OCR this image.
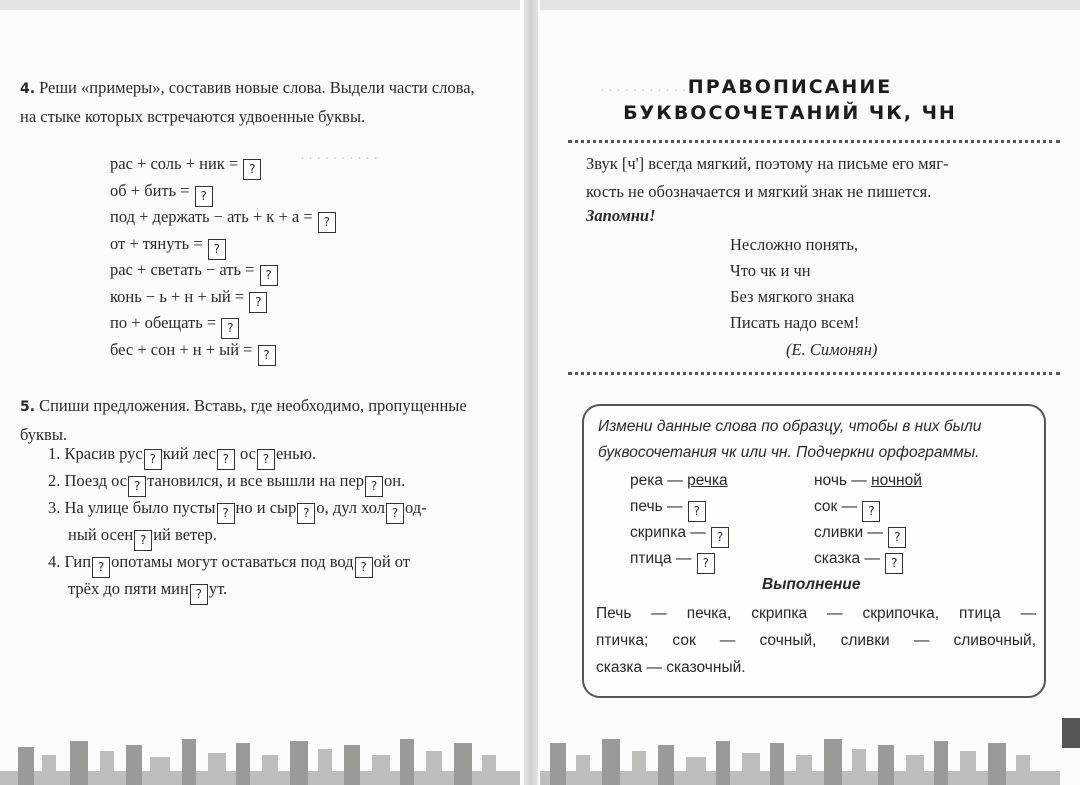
· · · · · · · · · ·
· · · · · · · · · · · · · ·
4. Реши «примеры», составив новые слова. Выдели части слова, на стыке которых встречаются удвоенные буквы.
рас + соль + ник = ?
об + бить = ?
под + держать − ать + к + а = ?
от + тянуть = ?
рас + светать − ать = ?
конь − ь + н + ый = ?
по + обещать = ?
бес + сон + н + ый = ?
5. Спиши предложения. Вставь, где необходимо, пропущенные буквы.
1. Красив рус ? кий лес ? ос ? енью.
2. Поезд ос ? тановился, и все вышли на пер ? он.
3. На улице было пусты ? но и сыр ? о, дул хол ? од-
ный осен ? ий ветер.
4. Гип ? опотамы могут оставаться под вод ? ой от
трёх до пяти мин ? ут.
ПРАВОПИСАНИЕ
БУКВОСОЧЕТАНИЙ ЧК, ЧН
Звук [ч'] всегда мягкий, поэтому на письме его мяг-
кость не обозначается и мягкий знак не пишется.
Запомни!
Несложно понять,
Что чк и чн
Без мягкого знака
Писать надо всем!
(Е. Симонян)
Измени данные слова по образцу, чтобы в них были
буквосочетания чк или чн. Подчеркни орфограммы.
река — речка
печь — ?
скрипка — ?
птица — ?
ночь — ночной
сок — ?
сливки — ?
сказка — ?
Выполнение
Печь — печка, скрипка — скрипочка, птица —
птичка; сок — сочный, сливки — сливочный,
сказка — сказочный.
